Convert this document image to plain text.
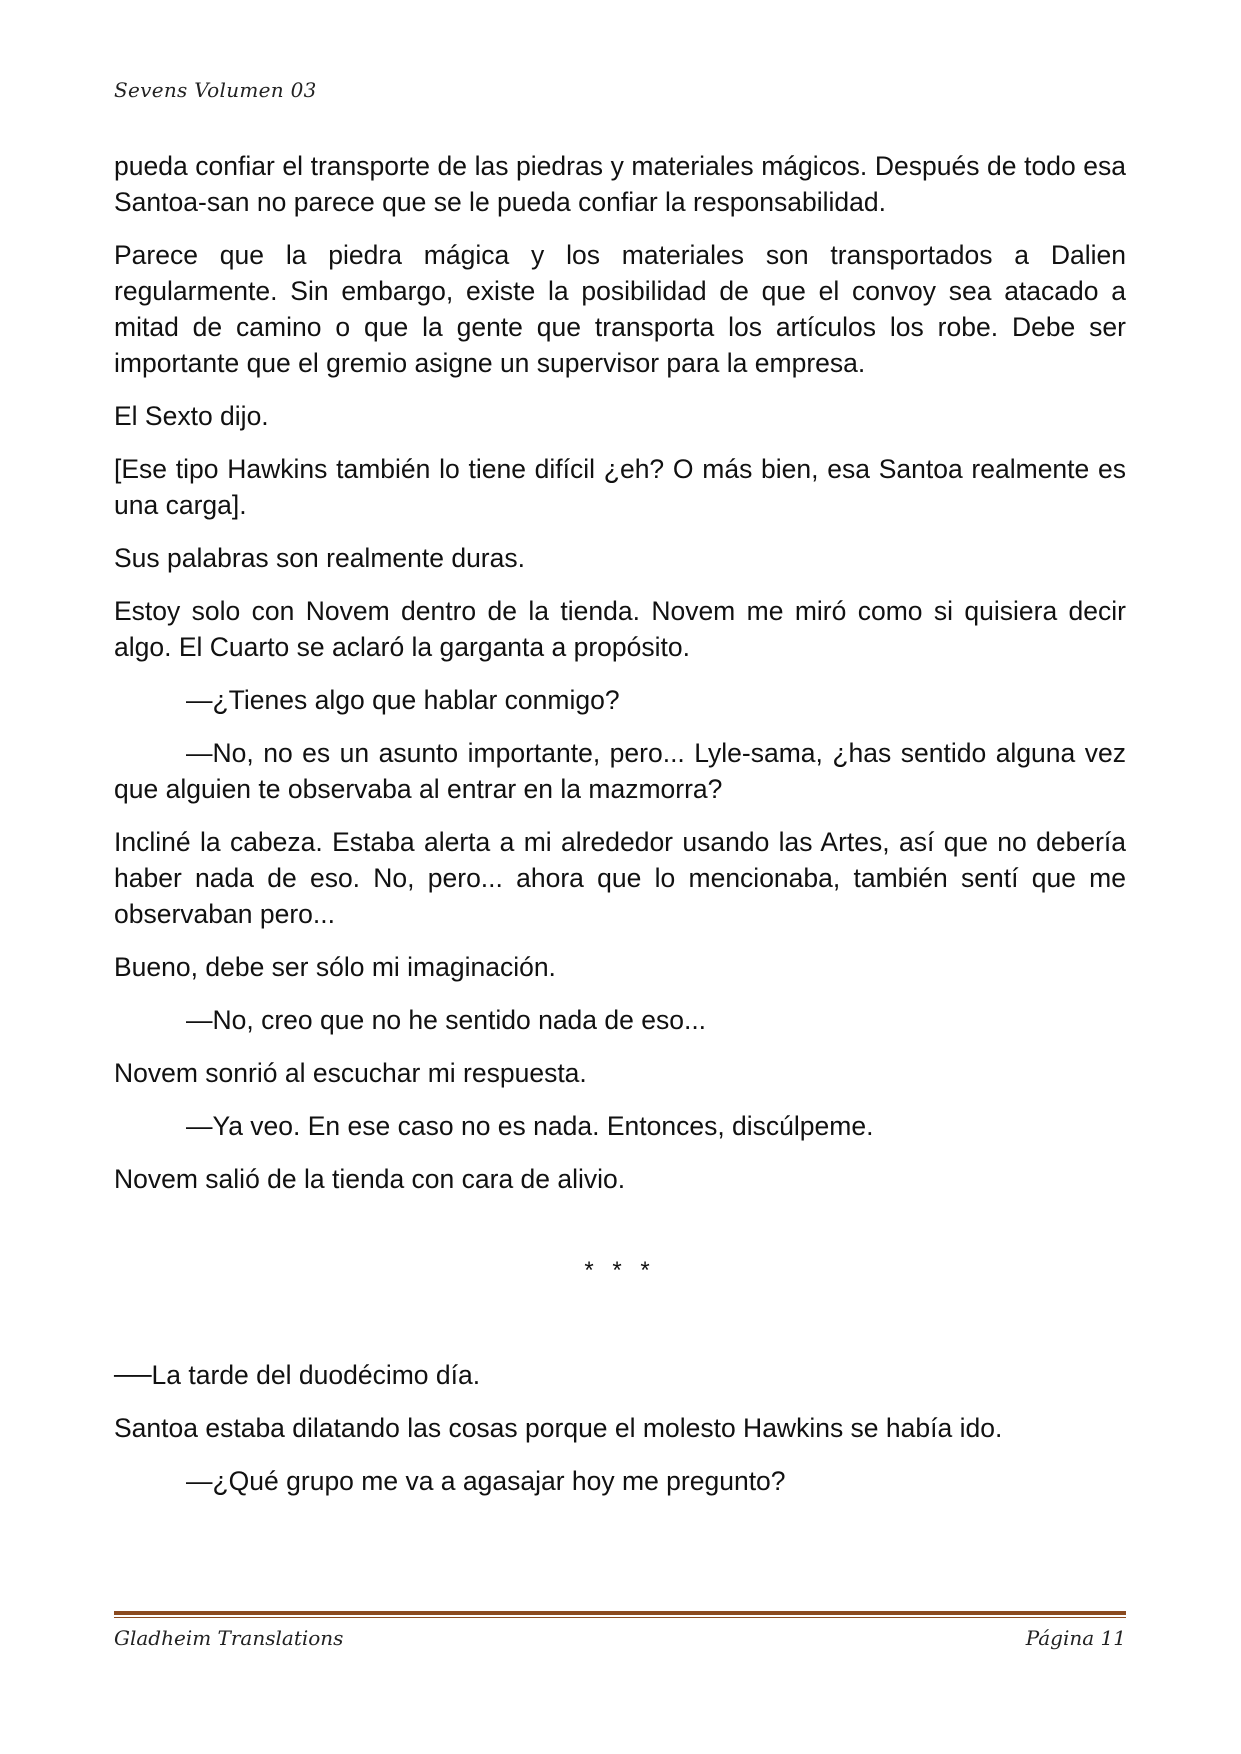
Sevens Volumen 03

pueda confiar el transporte de las piedras y materiales mágicos. Después de todo esa Santoa-san no parece que se le pueda confiar la responsabilidad.

Parece que la piedra mágica y los materiales son transportados a Dalien regularmente. Sin embargo, existe la posibilidad de que el convoy sea atacado a mitad de camino o que la gente que transporta los artículos los robe. Debe ser importante que el gremio asigne un supervisor para la empresa.

El Sexto dijo.

[Ese tipo Hawkins también lo tiene difícil ¿eh? O más bien, esa Santoa realmente es una carga].

Sus palabras son realmente duras.

Estoy solo con Novem dentro de la tienda. Novem me miró como si quisiera decir algo. El Cuarto se aclaró la garganta a propósito.

—¿Tienes algo que hablar conmigo?

—No, no es un asunto importante, pero... Lyle-sama, ¿has sentido alguna vez que alguien te observaba al entrar en la mazmorra?

Incliné la cabeza. Estaba alerta a mi alrededor usando las Artes, así que no debería haber nada de eso. No, pero... ahora que lo mencionaba, también sentí que me observaban pero...

Bueno, debe ser sólo mi imaginación.

—No, creo que no he sentido nada de eso...

Novem sonrió al escuchar mi respuesta.

—Ya veo. En ese caso no es nada. Entonces, discúlpeme.

Novem salió de la tienda con cara de alivio.

* * *

──La tarde del duodécimo día.

Santoa estaba dilatando las cosas porque el molesto Hawkins se había ido.

—¿Qué grupo me va a agasajar hoy me pregunto?

Gladheim Translations	Página 11
